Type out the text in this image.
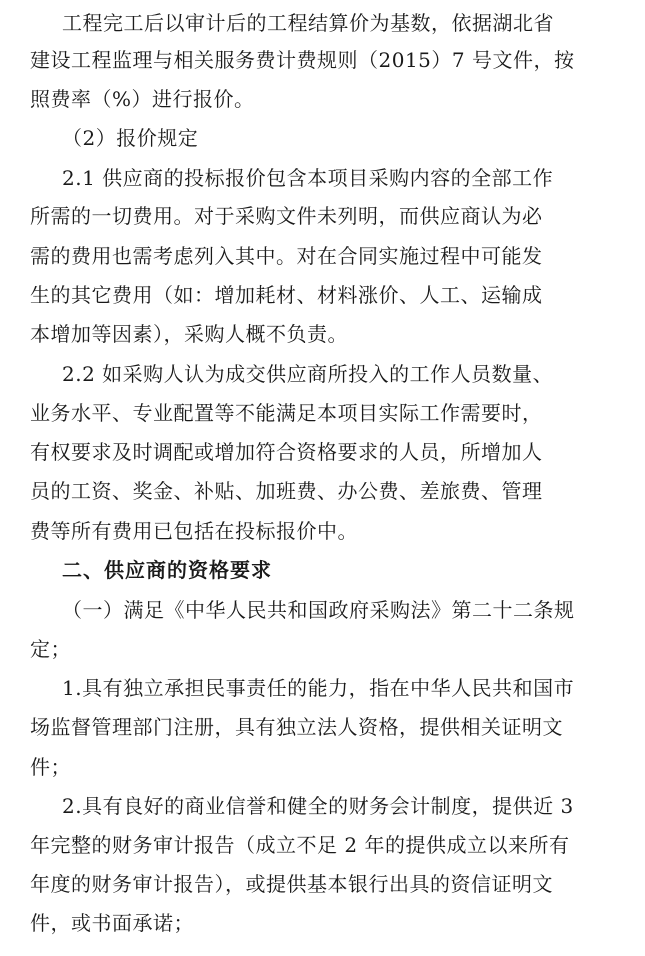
工程完工后以审计后的工程结算价为基数，依据湖北省
建设工程监理与相关服务费计费规则（2015）7 号文件，按
照费率（%）进行报价。
（2）报价规定
2.1 供应商的投标报价包含本项目采购内容的全部工作
所需的一切费用。对于采购文件未列明，而供应商认为必
需的费用也需考虑列入其中。对在合同实施过程中可能发
生的其它费用（如：增加耗材、材料涨价、人工、运输成
本增加等因素），采购人概不负责。
2.2 如采购人认为成交供应商所投入的工作人员数量、
业务水平、专业配置等不能满足本项目实际工作需要时，
有权要求及时调配或增加符合资格要求的人员，所增加人
员的工资、奖金、补贴、加班费、办公费、差旅费、管理
费等所有费用已包括在投标报价中。
二、供应商的资格要求
（一）满足《中华人民共和国政府采购法》第二十二条规
定；
1.具有独立承担民事责任的能力，指在中华人民共和国市
场监督管理部门注册，具有独立法人资格，提供相关证明文
件；
2.具有良好的商业信誉和健全的财务会计制度，提供近 3
年完整的财务审计报告（成立不足 2 年的提供成立以来所有
年度的财务审计报告），或提供基本银行出具的资信证明文
件，或书面承诺；
